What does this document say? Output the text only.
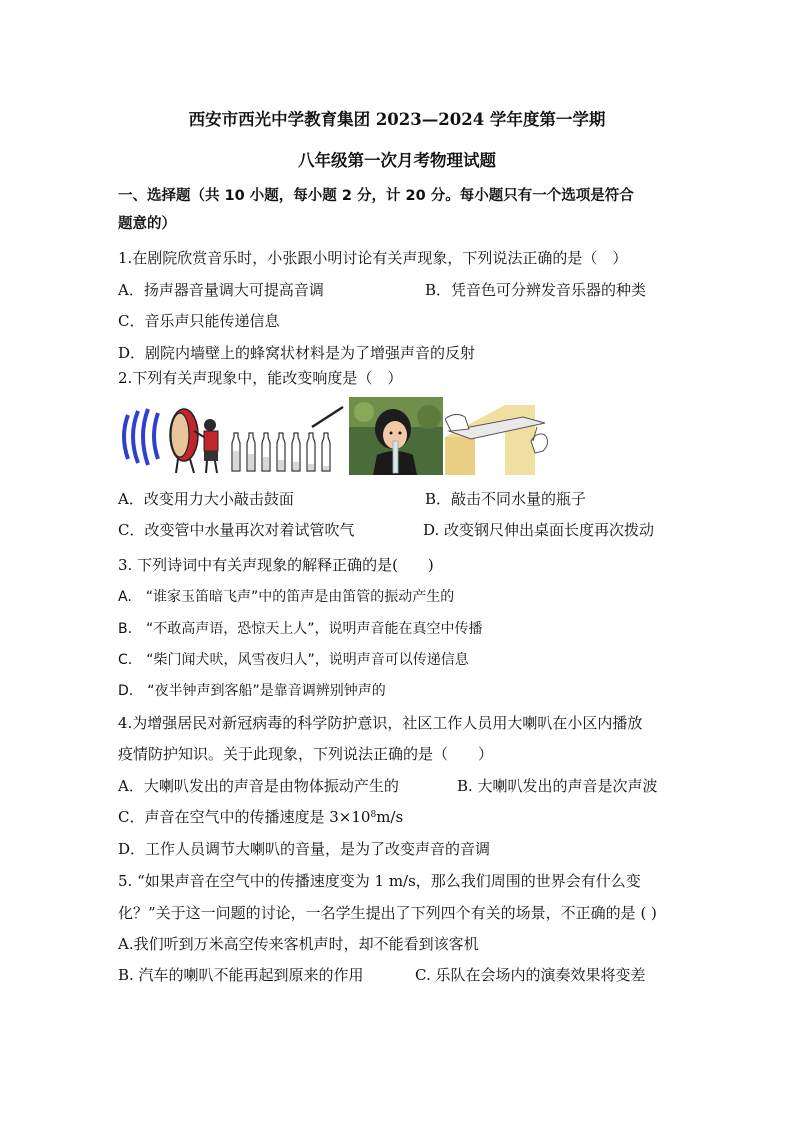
西安市西光中学教育集团 2023—2024 学年度第一学期
八年级第一次月考物理试题
一、选择题（共 10 小题，每小题 2 分，计 20 分。每小题只有一个选项是符合
题意的）
1.在剧院欣赏音乐时，小张跟小明讨论有关声现象，下列说法正确的是（　）
A．扬声器音量调大可提高音调	B．凭音色可分辨发音乐器的种类
C．音乐声只能传递信息
D．剧院内墙壁上的蜂窝状材料是为了增强声音的反射
2.下列有关声现象中，能改变响度是（　）
A．改变用力大小敲击鼓面	B．敲击不同水量的瓶子
C．改变管中水量再次对着试管吹气	D. 改变钢尺伸出桌面长度再次拨动
3. 下列诗词中有关声现象的解释正确的是(　　)
A.　“谁家玉笛暗飞声”中的笛声是由笛管的振动产生的
B.　“不敢高声语，恐惊天上人”，说明声音能在真空中传播
C.　“柴门闻犬吠，风雪夜归人”，说明声音可以传递信息
D.　“夜半钟声到客船”是靠音调辨别钟声的
4.为增强居民对新冠病毒的科学防护意识，社区工作人员用大喇叭在小区内播放
疫情防护知识。关于此现象，下列说法正确的是（　　）
A．大喇叭发出的声音是由物体振动产生的	B. 大喇叭发出的声音是次声波
C．声音在空气中的传播速度是 $3\times 10^8m/s$
D．工作人员调节大喇叭的音量，是为了改变声音的音调
5. “如果声音在空气中的传播速度变为 1 m/s，那么我们周围的世界会有什么变
化？”关于这一问题的讨论，一名学生提出了下列四个有关的场景，不正确的是 ( )
A.我们听到万米高空传来客机声时，却不能看到该客机
B. 汽车的喇叭不能再起到原来的作用	C. 乐队在会场内的演奏效果将变差
